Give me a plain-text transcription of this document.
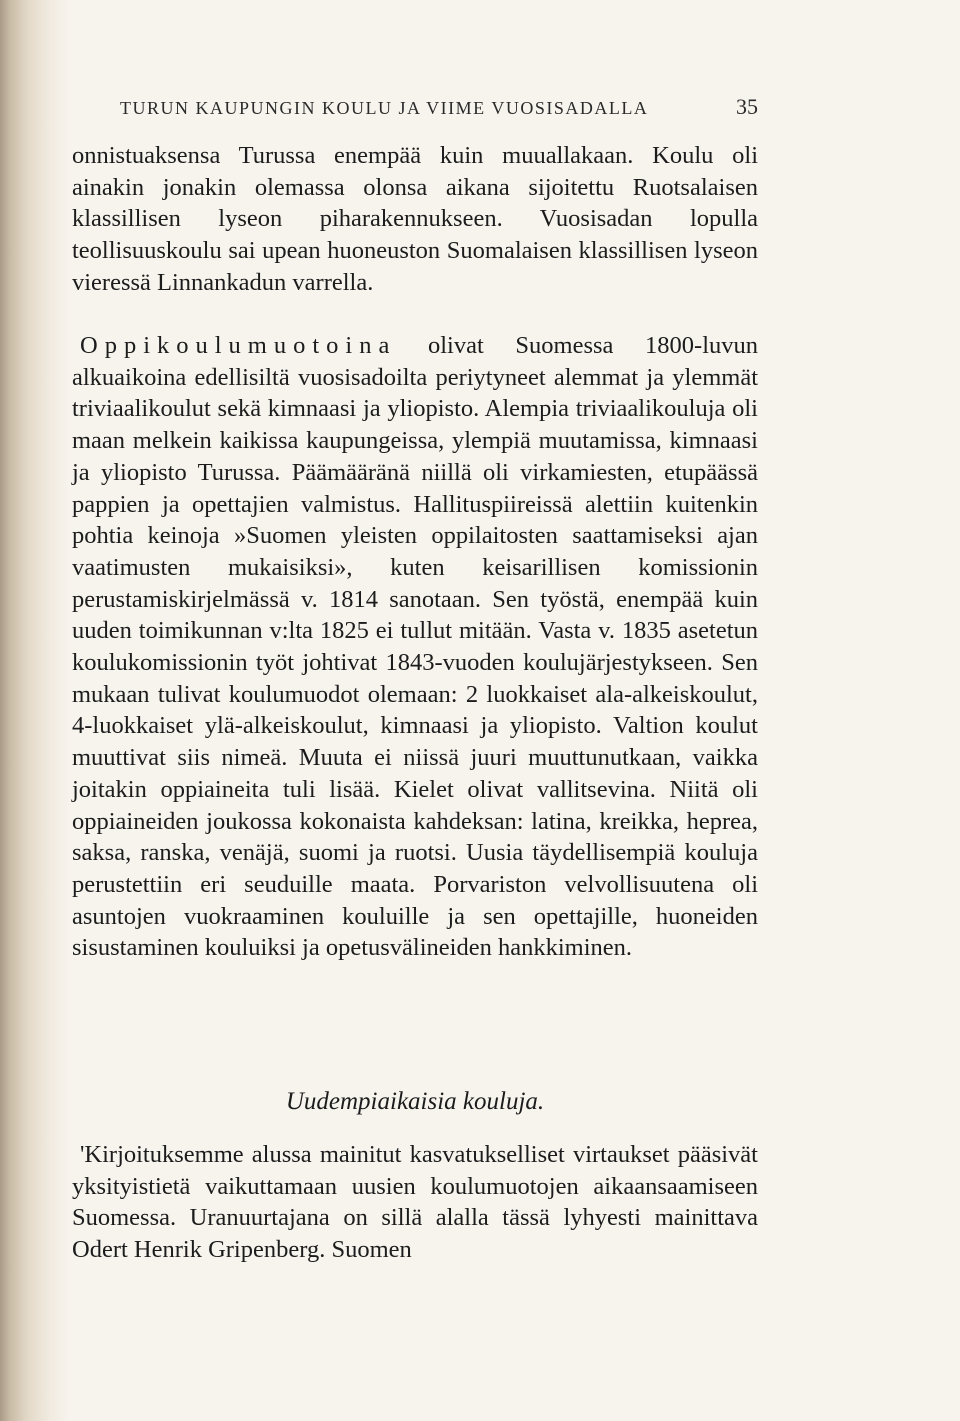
TURUN KAUPUNGIN KOULU JA VIIME VUOSISADALLA	35

onnistuaksensa Turussa enempää kuin muuallakaan. Koulu oli ainakin jonakin olemassa olonsa aikana sijoitettu Ruotsalaisen klassillisen lyseon piharakennukseen. Vuosisadan lopulla teollisuuskoulu sai upean huoneuston Suomalaisen klassillisen lyseon vieressä Linnankadun varrella.

Oppikoulumuotoina olivat Suomessa 1800-luvun alkuaikoina edellisiltä vuosisadoilta periytyneet alemmat ja ylemmät triviaalikoulut sekä kimnaasi ja yliopisto. Alempia triviaalikouluja oli maan melkein kaikissa kaupungeissa, ylempiä muutamissa, kimnaasi ja yliopisto Turussa. Päämääränä niillä oli virkamiesten, etupäässä pappien ja opettajien valmistus. Hallituspiireissä alettiin kuitenkin pohtia keinoja »Suomen yleisten oppilaitosten saattamiseksi ajan vaatimusten mukaisiksi», kuten keisarillisen komissionin perustamiskirjelmässä v. 1814 sanotaan. Sen työstä, enempää kuin uuden toimikunnan v:lta 1825 ei tullut mitään. Vasta v. 1835 asetetun koulukomissionin työt johtivat 1843-vuoden koulujärjestykseen. Sen mukaan tulivat koulumuodot olemaan: 2 luokkaiset ala-alkeiskoulut, 4-luokkaiset ylä-alkeiskoulut, kimnaasi ja yliopisto. Valtion koulut muuttivat siis nimeä. Muuta ei niissä juuri muuttunutkaan, vaikka joitakin oppiaineita tuli lisää. Kielet olivat vallitsevina. Niitä oli oppiaineiden joukossa kokonaista kahdeksan: latina, kreikka, heprea, saksa, ranska, venäjä, suomi ja ruotsi. Uusia täydellisempiä kouluja perustettiin eri seuduille maata. Porvariston velvollisuutena oli asuntojen vuokraaminen kouluille ja sen opettajille, huoneiden sisustaminen kouluiksi ja opetusvälineiden hankkiminen.

Uudempiaikaisia kouluja.

'Kirjoituksemme alussa mainitut kasvatukselliset virtaukset pääsivät yksityistietä vaikuttamaan uusien koulumuotojen aikaansaamiseen Suomessa. Uranuurtajana on sillä alalla tässä lyhyesti mainittava Odert Henrik Gripenberg. Suomen
